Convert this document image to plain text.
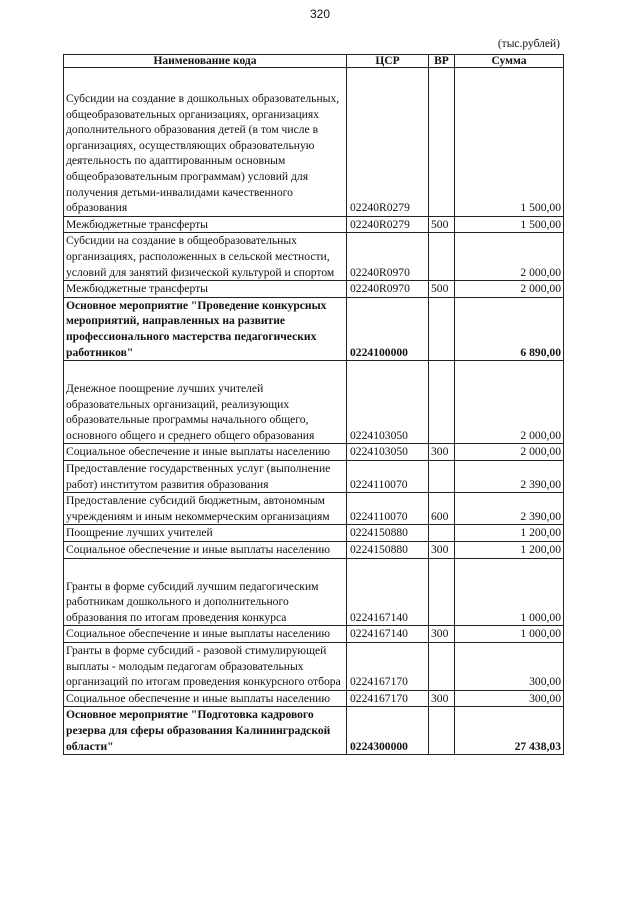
320
(тыс.рублей)
Наименование кода	ЦСР	ВР	Сумма
Субсидии на создание в дошкольных образовательных, общеобразовательных организациях, организациях дополнительного образования детей (в том числе в организациях, осуществляющих образовательную деятельность по адаптированным основным общеобразовательным программам) условий для получения детьми-инвалидами качественного образования	02240R0279		1 500,00
Межбюджетные трансферты	02240R0279	500	1 500,00
Субсидии на создание в общеобразовательных организациях, расположенных в сельской местности, условий для занятий физической культурой и спортом	02240R0970		2 000,00
Межбюджетные трансферты	02240R0970	500	2 000,00
Основное мероприятие "Проведение конкурсных мероприятий, направленных на развитие профессионального мастерства педагогических работников"	0224100000		6 890,00
Денежное поощрение лучших учителей образовательных организаций, реализующих образовательные программы начального общего, основного общего и среднего общего образования	0224103050		2 000,00
Социальное обеспечение и иные выплаты населению	0224103050	300	2 000,00
Предоставление государственных услуг (выполнение работ) институтом развития образования	0224110070		2 390,00
Предоставление субсидий бюджетным, автономным учреждениям и иным некоммерческим организациям	0224110070	600	2 390,00
Поощрение лучших учителей	0224150880		1 200,00
Социальное обеспечение и иные выплаты населению	0224150880	300	1 200,00
Гранты в форме субсидий лучшим педагогическим работникам дошкольного и дополнительного образования по итогам проведения конкурса	0224167140		1 000,00
Социальное обеспечение и иные выплаты населению	0224167140	300	1 000,00
Гранты в форме субсидий - разовой стимулирующей выплаты - молодым педагогам образовательных организаций по итогам проведения конкурсного отбора	0224167170		300,00
Социальное обеспечение и иные выплаты населению	0224167170	300	300,00
Основное мероприятие "Подготовка кадрового резерва для сферы образования Калининградской области"	0224300000		27 438,03
